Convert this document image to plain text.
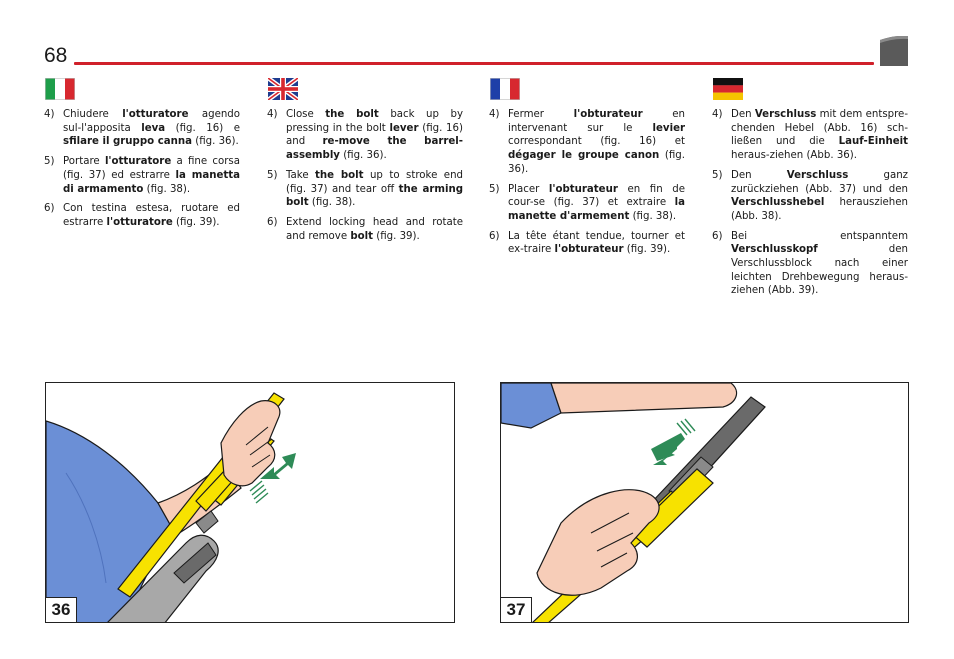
68
4) Chiudere l'otturatore agendo sul-l'apposita leva (fig. 16) e sfilare il gruppo canna (fig. 36).
5) Portare l'otturatore a fine corsa (fig. 37) ed estrarre la manetta di armamento (fig. 38).
6) Con testina estesa, ruotare ed estrarre l'otturatore (fig. 39).
4) Close the bolt back up by pressing in the bolt lever (fig. 16) and re-move the barrel-assembly (fig. 36).
5) Take the bolt up to stroke end (fig. 37) and tear off the arming bolt (fig. 38).
6) Extend locking head and rotate and remove bolt (fig. 39).
4) Fermer l'obturateur en intervenant sur le levier correspondant (fig. 16) et dégager le groupe canon (fig. 36).
5) Placer l'obturateur en fin de cour-se (fig. 37) et extraire la manette d'armement (fig. 38).
6) La tête étant tendue, tourner et ex-traire l'obturateur (fig. 39).
4) Den Verschluss mit dem entspre-chenden Hebel (Abb. 16) sch-ließen und die Lauf-Einheit heraus-ziehen (Abb. 36).
5) Den Verschluss ganz zurückziehen (Abb. 37) und den Verschlusshebel herausziehen (Abb. 38).
6) Bei entspanntem Verschlusskopf den Verschlussblock nach einer leichten Drehbewegung heraus-ziehen (Abb. 39).
36	37
